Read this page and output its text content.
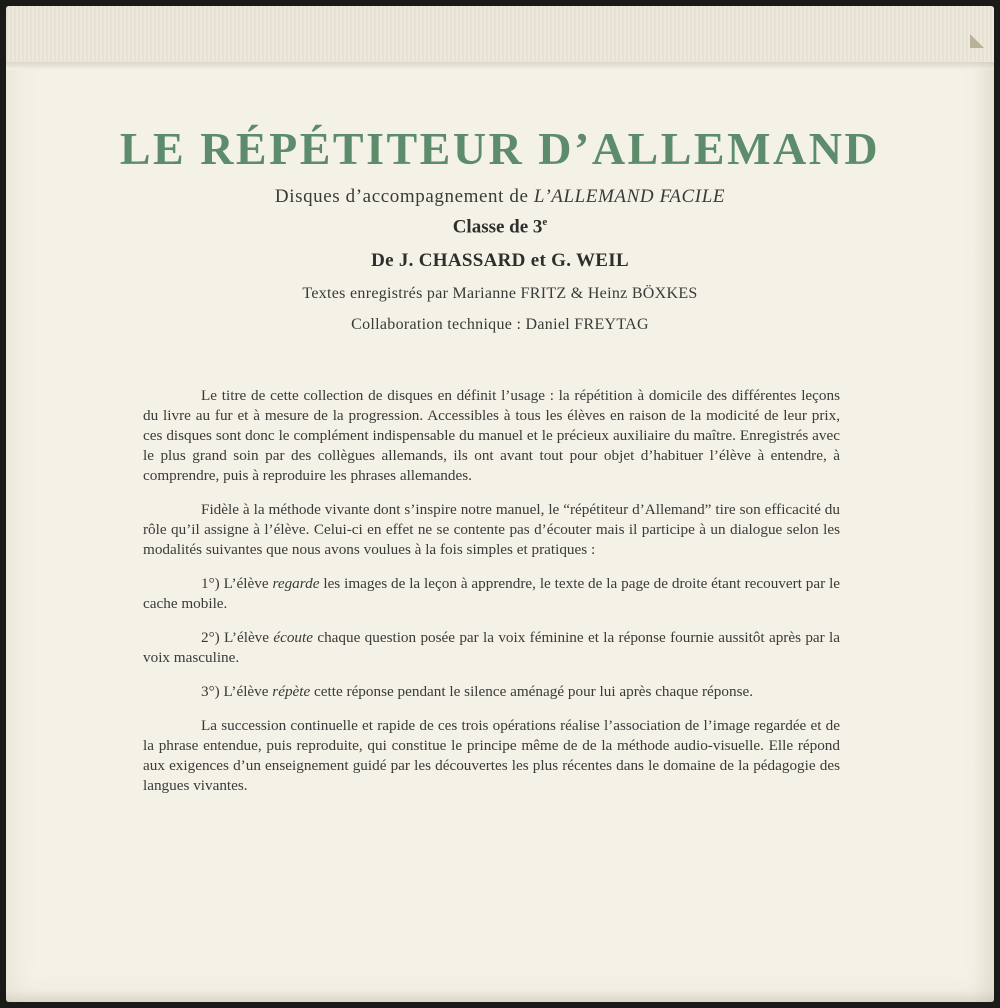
LE RÉPÉTITEUR D’ALLEMAND

Disques d’accompagnement de L’ALLEMAND FACILE

Classe de 3e

De J. CHASSARD et G. WEIL

Textes enregistrés par Marianne FRITZ & Heinz BÖXKES

Collaboration technique : Daniel FREYTAG

Le titre de cette collection de disques en définit l’usage : la répétition à domicile des différentes leçons du livre au fur et à mesure de la progression. Accessibles à tous les élèves en raison de la modicité de leur prix, ces disques sont donc le complément indispensable du manuel et le précieux auxiliaire du maître. Enregistrés avec le plus grand soin par des collègues allemands, ils ont avant tout pour objet d’habituer l’élève à entendre, à comprendre, puis à reproduire les phrases allemandes.

Fidèle à la méthode vivante dont s’inspire notre manuel, le “répétiteur d’Allemand” tire son efficacité du rôle qu’il assigne à l’élève. Celui-ci en effet ne se contente pas d’écouter mais il participe à un dialogue selon les modalités suivantes que nous avons voulues à la fois simples et pratiques :

1°) L’élève regarde les images de la leçon à apprendre, le texte de la page de droite étant recouvert par le cache mobile.

2°) L’élève écoute chaque question posée par la voix féminine et la réponse fournie aussitôt après par la voix masculine.

3°) L’élève répète cette réponse pendant le silence aménagé pour lui après chaque réponse.

La succession continuelle et rapide de ces trois opérations réalise l’association de l’image regardée et de la phrase entendue, puis reproduite, qui constitue le principe même de de la méthode audio-visuelle. Elle répond aux exigences d’un enseignement guidé par les découvertes les plus récentes dans le domaine de la pédagogie des langues vivantes.
